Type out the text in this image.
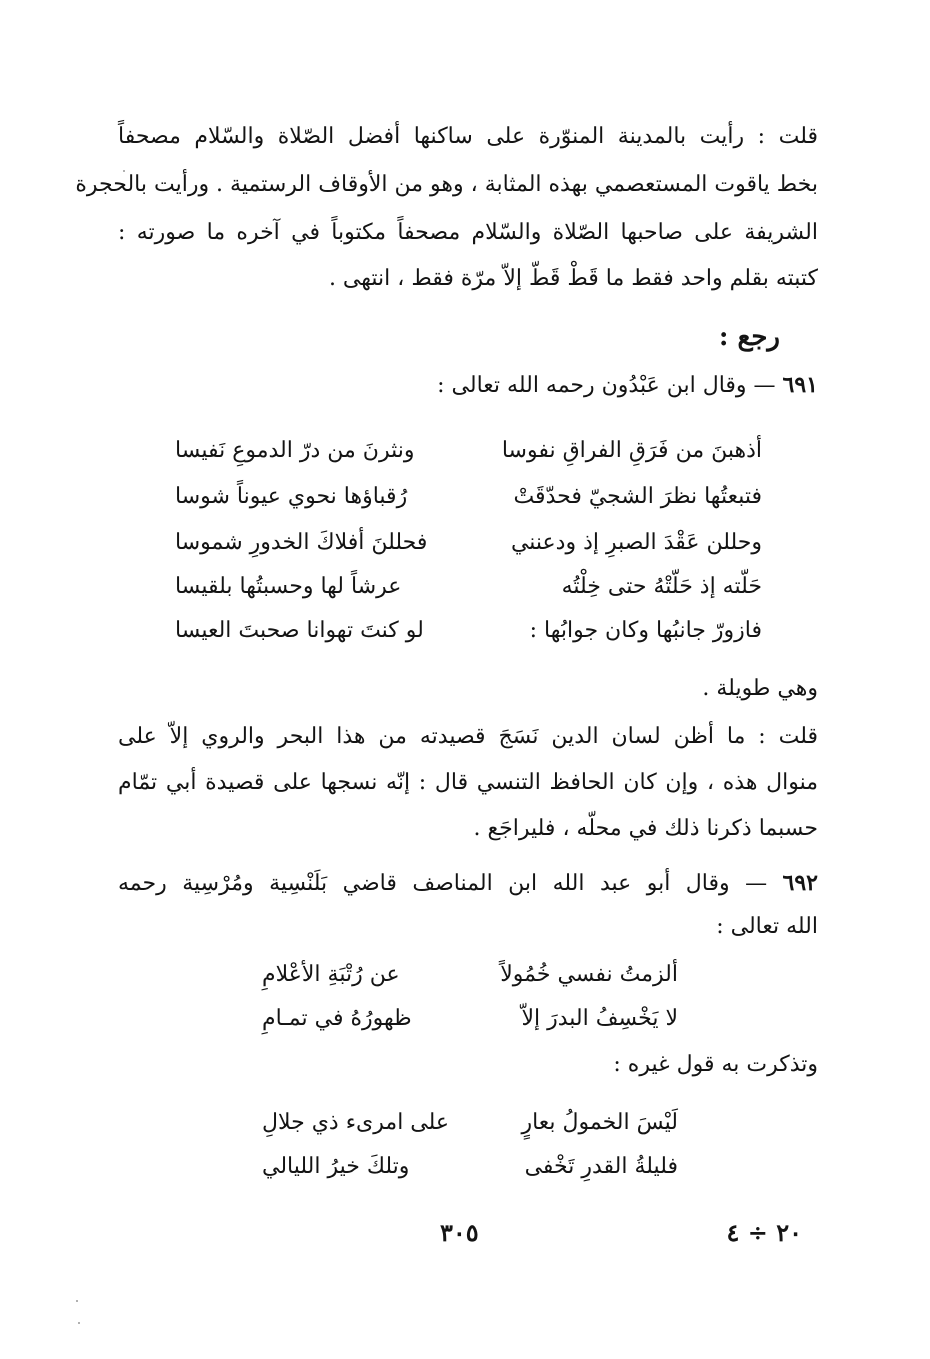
قلت : رأيت بالمدينة المنوّرة على ساكنها أفضل الصّلاة والسّلام مصحفاً
بخط ياقوت المستعصمي بهذه المثابة ، وهو من الأوقاف الرستمية . ورأيت بالحجرة
الشريفة على صاحبها الصّلاة والسّلام مصحفاً مكتوباً في آخره ما صورته :
كتبته بقلم واحد فقط ما قَطْ قَطّ إلاّ مرّة فقط ، انتهى .
رجع :
٦٩١ — وقال ابن عَبْدُون رحمه الله تعالى :
أذهبنَ من فَرَقِ الفراقِ نفوسا
ونثرنَ من درّ الدموعِ نَفيسا
فتبعتُها نظرَ الشجيّ فحدّقَتْ
رُقباؤها نحوي عيوناً شوسا
وحللن عَقْدَ الصبرِ إذ ودعنني
فحللنَ أفلاكَ الخدورِ شموسا
حَلّته إذ حَلّتْهُ حتى خِلْتُه
عرشاً لها وحسبتُها بلقيسا
فازورّ جانبُها وكان جوابُها :
لو كنتَ تهوانا صحبتَ العيسا
وهي طويلة .
قلت : ما أظن لسان الدين نَسَجَ قصيدته من هذا البحر والروي إلاّ على
منوال هذه ، وإن كان الحافظ التنسي قال : إنّه نسجها على قصيدة أبي تمّام
حسبما ذكرنا ذلك في محلّه ، فليراجَع .
٦٩٢ — وقال أبو عبد الله ابن المناصف قاضي بَلَنْسِية ومُرْسِية رحمه
الله تعالى :
ألزمتُ نفسي خُمُولاً
عن رُتْبَةِ الأعْلامِ
لا يَخْسِفُ البدرَ إلاّ
ظهورُهُ في تمـامِ
وتذكرت به قول غيره :
لَيْسَ الخمولُ بعارٍ
على امرىء ذي جلالِ
فليلةُ القدرِ تَخْفى
وتلكَ خيرُ الليالي
٢٠ ÷ ٤
٣٠٥
